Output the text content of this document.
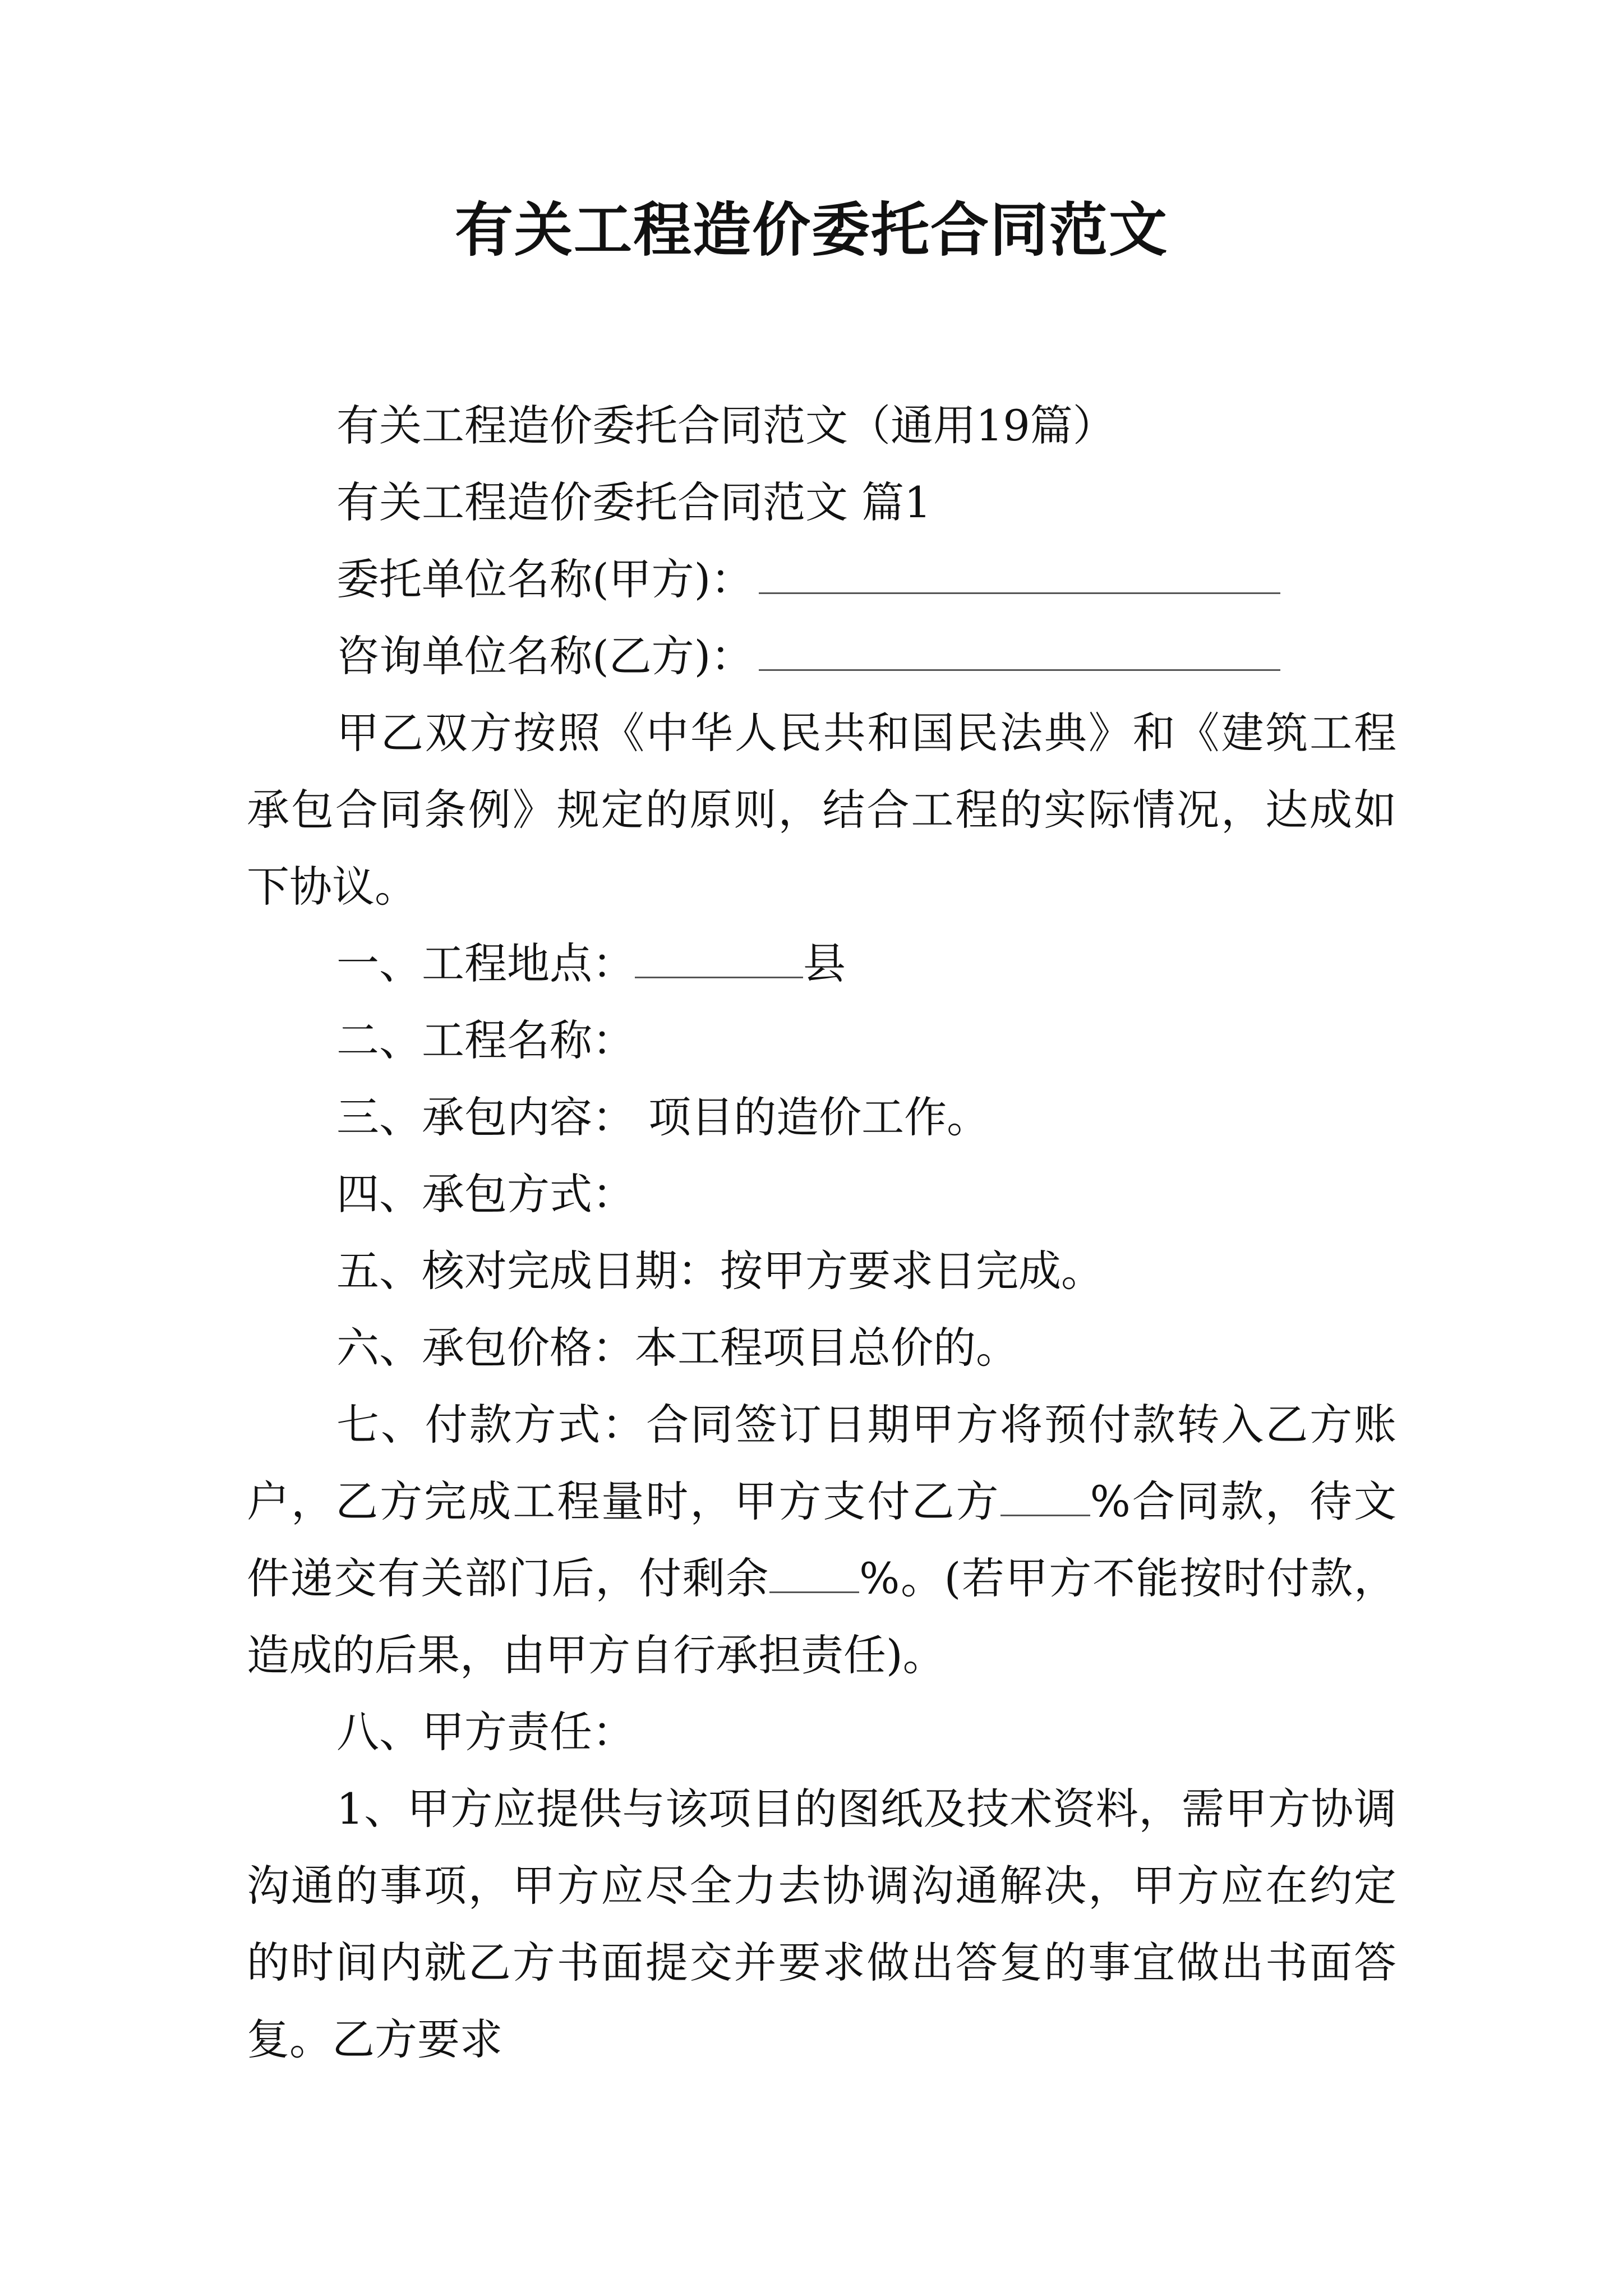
有关工程造价委托合同范文

有关工程造价委托合同范文（通用19篇）

有关工程造价委托合同范文 篇1

委托单位名称(甲方)：

咨询单位名称(乙方)：

甲乙双方按照《中华人民共和国民法典》和《建筑工程承包合同条例》规定的原则，结合工程的实际情况，达成如下协议。

一、工程地点：	县

二、工程名称：

三、承包内容： 项目的造价工作。

四、承包方式：

五、核对完成日期：按甲方要求日完成。

六、承包价格：本工程项目总价的。

七、付款方式：合同签订日期甲方将预付款转入乙方账户，乙方完成工程量时，甲方支付乙方 %合同款，待文件递交有关部门后，付剩余 %。(若甲方不能按时付款，造成的后果，由甲方自行承担责任)。

八、甲方责任：

1、甲方应提供与该项目的图纸及技术资料，需甲方协调沟通的事项，甲方应尽全力去协调沟通解决，甲方应在约定的时间内就乙方书面提交并要求做出答复的事宜做出书面答复。乙方要求
